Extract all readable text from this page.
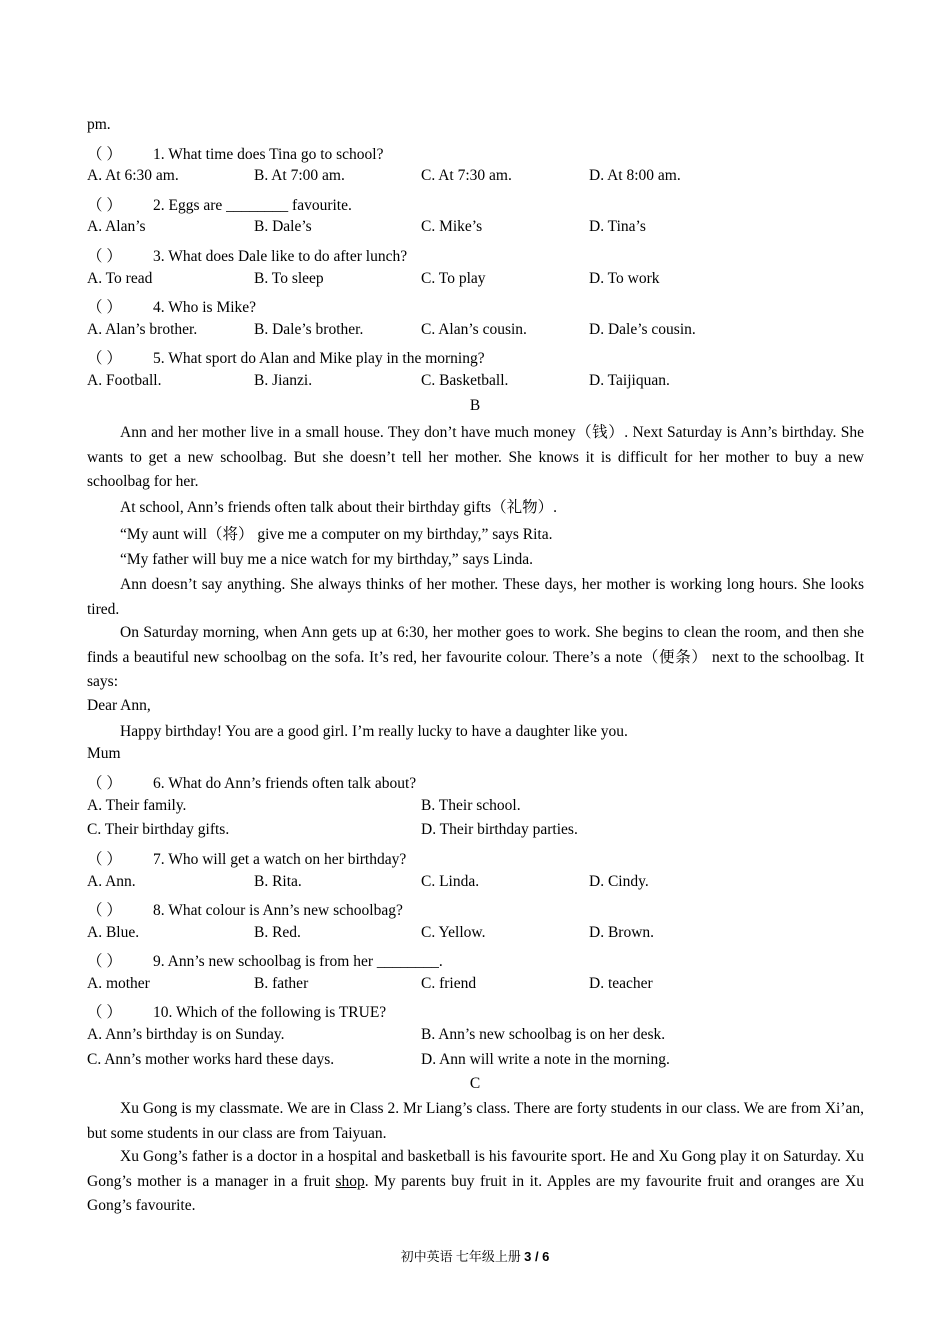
pm.
（ ） 1. What time does Tina go to school?
A. At 6:30 am.	B. At 7:00 am.	C. At 7:30 am.	D. At 8:00 am.
（ ） 2. Eggs are ________ favourite.
A. Alan’s	B. Dale’s	C. Mike’s	D. Tina’s
（ ） 3. What does Dale like to do after lunch?
A. To read	B. To sleep	C. To play	D. To work
（ ） 4. Who is Mike?
A. Alan’s brother.	B. Dale’s brother.	C. Alan’s cousin.	D. Dale’s cousin.
（ ） 5. What sport do Alan and Mike play in the morning?
A. Football.	B. Jianzi.	C. Basketball.	D. Taijiquan.
B
Ann and her mother live in a small house. They don’t have much money（钱）. Next Saturday is Ann’s birthday. She wants to get a new schoolbag. But she doesn’t tell her mother. She knows it is difficult for her mother to buy a new schoolbag for her.
At school, Ann’s friends often talk about their birthday gifts（礼物）.
“My aunt will（将） give me a computer on my birthday,” says Rita.
“My father will buy me a nice watch for my birthday,” says Linda.
Ann doesn’t say anything. She always thinks of her mother. These days, her mother is working long hours. She looks tired.
On Saturday morning, when Ann gets up at 6:30, her mother goes to work. She begins to clean the room, and then she finds a beautiful new schoolbag on the sofa. It’s red, her favourite colour. There’s a note（便条） next to the schoolbag. It says:
Dear Ann,
Happy birthday! You are a good girl. I’m really lucky to have a daughter like you.
Mum
（ ） 6. What do Ann’s friends often talk about?
A. Their family.	B. Their school.
C. Their birthday gifts.	D. Their birthday parties.
（ ） 7. Who will get a watch on her birthday?
A. Ann.	B. Rita.	C. Linda.	D. Cindy.
（ ） 8. What colour is Ann’s new schoolbag?
A. Blue.	B. Red.	C. Yellow.	D. Brown.
（ ） 9. Ann’s new schoolbag is from her ________.
A. mother	B. father	C. friend	D. teacher
（ ） 10. Which of the following is TRUE?
A. Ann’s birthday is on Sunday.	B. Ann’s new schoolbag is on her desk.
C. Ann’s mother works hard these days.	D. Ann will write a note in the morning.
C
Xu Gong is my classmate. We are in Class 2. Mr Liang’s class. There are forty students in our class. We are from Xi’an, but some students in our class are from Taiyuan.
Xu Gong’s father is a doctor in a hospital and basketball is his favourite sport. He and Xu Gong play it on Saturday. Xu Gong’s mother is a manager in a fruit shop. My parents buy fruit in it. Apples are my favourite fruit and oranges are Xu Gong’s favourite.
初中英语 七年级上册 3 / 6
